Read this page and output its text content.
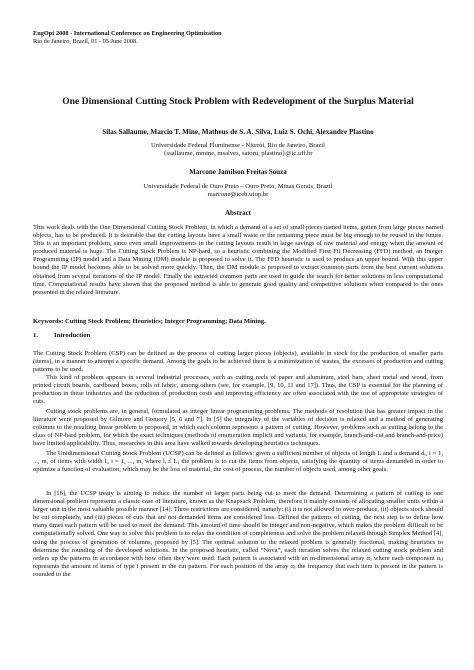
EngOpt 2008 - International Conference on Engineering Optimization
Rio de Janeiro, Brazil, 01 - 05 June 2008.
One Dimensional Cutting Stock Problem with Redevelopment of the Surplus Material
Silas Sallaume, Marcio T. Mine, Matheus de S. A. Silva, Luiz S. Ochi, Alexandre Plastino
Universidade Federal Fluminense - Niterói, Rio de Janeiro, Brazil
{ssallaume, mmine, msalves, satoru, plastino}@ic.uff.br
Marcone Jamilson Freitas Souza
Universidade Federal de Ouro Preto – Ouro Preto, Minas Gerais, Brazil
marcone@iceb.ufop.br
Abstract

This work deals with the One Dimensional Cutting Stock Problem, in which a demand of a set of small pieces named items, gotten from large pieces named objects, has to be produced. It is desirable that the cutting layouts have a small waste or the remaining piece must be big enough to be reused in the future. This is an important problem, since even small improvements in the cutting layouts result in large savings of raw material and energy when the amount of produced material is huge. The Cutting Stock Problem is NP-hard, so a heuristic combining the Modified First Fit Decreasing (FFD) method, an Integer Programming (IP) model and a Data Mining (DM) module is proposed to solve it. The FFD heuristic is used to produce an upper bound. With this upper bound the IP model becomes able to be solved more quickly. Then, the DM module is proposed to extract common parts from the best current solutions obtained from several iterations of the IP model. Finally the extracted common parts are used to guide the search for better solutions in less computational time. Computational results have shown that the proposed method is able to generate good quality and competitive solutions when compared to the ones presented in the related literature.

Keywords: Cutting Stock Problem; Heuristics; Integer Programming; Data Mining.

1. Introduction

The Cutting Stock Problem (CSP) can be defined as the process of cutting larger pieces (objects), available in stock for the production of smaller parts (items), in a manner to attempt a specific demand. Among the goals to be achieved there is a minimization of wastes, the excesses of production and cutting patterns to be used.

This kind of problem appears in several industrial processes, such as cutting reels of paper and aluminum, steel bars, sheet metal and wood, from printed circuit boards, cardboard boxes, rolls of fabric, among others (see, for example, [9, 10, 11 and 17]). Thus, the CSP is essential for the planning of production in these industries and the reduction of production costs and improving efficiency are often associated with the use of appropriate strategies of cuts.

Cutting stock problems are, in general, formulated as integer linear programming problems. The methods of resolution that has greater impact in the literature were proposed by Gilmore and Gomory [5, 6 and 7]. In [5] the integrality of the variables of decision is relaxed and a method of generating columns to the resulting linear problem is proposed, in which each column represents a pattern of cutting. However, problems such as cutting belong to the class of NP-hard problem, for which the exact techniques (methods of enumeration implicit and variants, for example, branch-and-cut and branch-and-price) have limited applicability. Thus, researches in this area have walked towards developing heuristics techniques.

The Unidimensional Cutting Stock Problem (UCSP) can be defined as follows: given a sufficient number of objects of length L and a demand dᵢ, i = 1, ..., m, of items with width lᵢ, i = 1, ..., m, where lᵢ ≤ L, the problem is to cut the items from objects, satisfying the quantity of items demanded in order to optimize a function of evaluation, which may be the loss of material, the cost of process, the number of objects used, among other goals.

In [16], the UCSP treaty is aiming to reduce the number of larger parts being cut to meet the demand. Determining a pattern of cutting to one dimensional problem represents a classic case of literature, known as the Knapsack Problem, therefore it mainly consists of allocating smaller units within a larger unit in the most valuable possible manner [14]. Three restrictions are considered, namely: (i) it is not allowed to over-produce, (ii) objects stock should be cut completely, and (iii) pieces of cuts that are not demanded items are considered loss. Defined the patterns of cutting, the next step is to define how many times each pattern will be used to meet the demand. This amount of time should be integer and non-negative, which makes the problem difficult to be computationally solved. One way to solve this problem is to relax the condition of completeness and solve the problem relaxed through Simplex Method [4], using the process of generation of columns, proposed by [5]. The optimal solution to the relaxed problem is generally fractional, making heuristics to determine the rounding of the developed solutions. In the proposed heuristic, called “Nova”, each iteration solves the relaxed cutting stock problem and orders up the patterns in accordance with how often they were used. Each pattern is associated with an m-dimensional array αⱼ where each component αᵢⱼ represents the amount of items of type i present in the cut pattern. For each position of the array αⱼ the frequency that each item is present in the pattern is rounded to the
